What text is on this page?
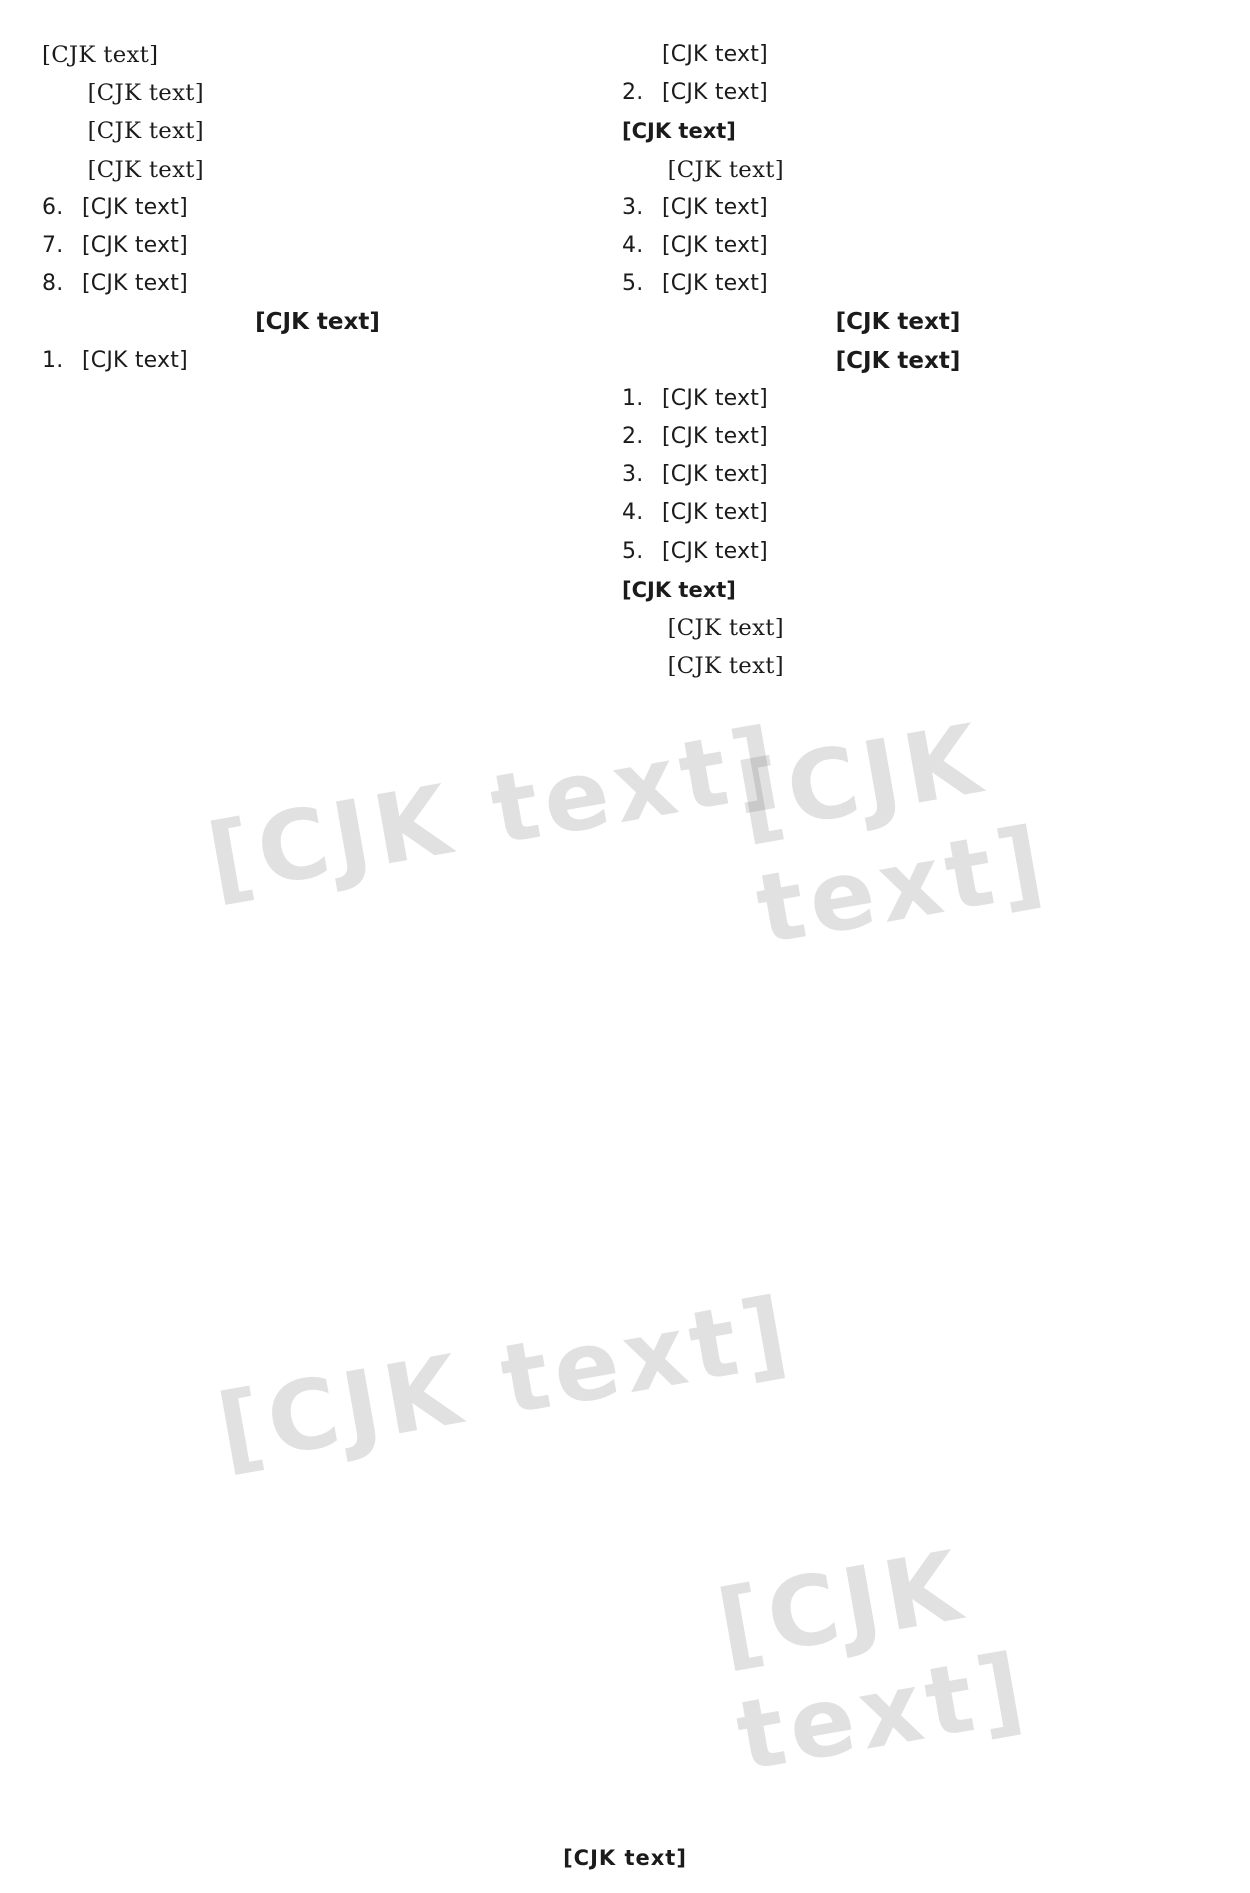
[CJK text]

[CJK text]

[CJK text]

[CJK text]

6. [CJK text]
7. [CJK text]
8. [CJK text]

[CJK text]

1. [CJK text]
[CJK text]
2. [CJK text]

[CJK text]

[CJK text]

3. [CJK text]
4. [CJK text]
5. [CJK text]

[CJK text]

[CJK text]

1. [CJK text]
2. [CJK text]
3. [CJK text]
4. [CJK text]
5. [CJK text]

[CJK text]

[CJK text]

[CJK text]

[CJK text]
[CJK text]
[CJK text]
[CJK text]
[CJK text]
